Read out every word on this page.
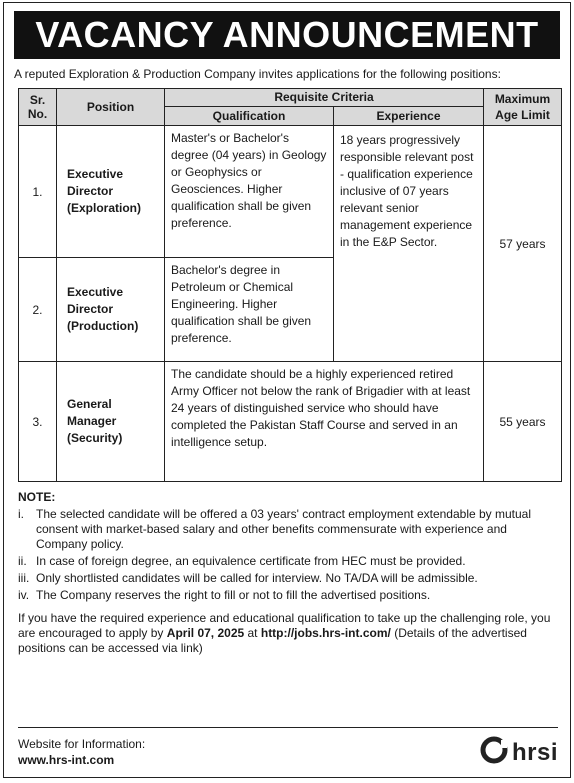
VACANCY ANNOUNCEMENT
A reputed Exploration & Production Company invites applications for the following positions:
Sr. No.	Position	Requisite Criteria		Maximum Age Limit
		Qualification	Experience	
1.	Executive Director (Exploration)	Master's or Bachelor's degree (04 years) in Geology or Geophysics or Geosciences. Higher qualification shall be given preference.	18 years progressively responsible relevant post - qualification experience inclusive of 07 years relevant senior management experience in the E&P Sector.	57 years
2.	Executive Director (Production)	Bachelor's degree in Petroleum or Chemical Engineering. Higher qualification shall be given preference.		
3.	General Manager (Security)	The candidate should be a highly experienced retired Army Officer not below the rank of Brigadier with at least 24 years of distinguished service who should have completed the Pakistan Staff Course and served in an intelligence setup.		55 years
NOTE:
i.	The selected candidate will be offered a 03 years' contract employment extendable by mutual consent with market-based salary and other benefits commensurate with experience and Company policy.
ii. In case of foreign degree, an equivalence certificate from HEC must be provided.
iii. Only shortlisted candidates will be called for interview. No TA/DA will be admissible.
iv. The Company reserves the right to fill or not to fill the advertised positions.
If you have the required experience and educational qualification to take up the challenging role, you are encouraged to apply by April 07, 2025 at http://jobs.hrs-int.com/ (Details of the advertised positions can be accessed via link)
Website for Information:
www.hrs-int.com	hrsi
